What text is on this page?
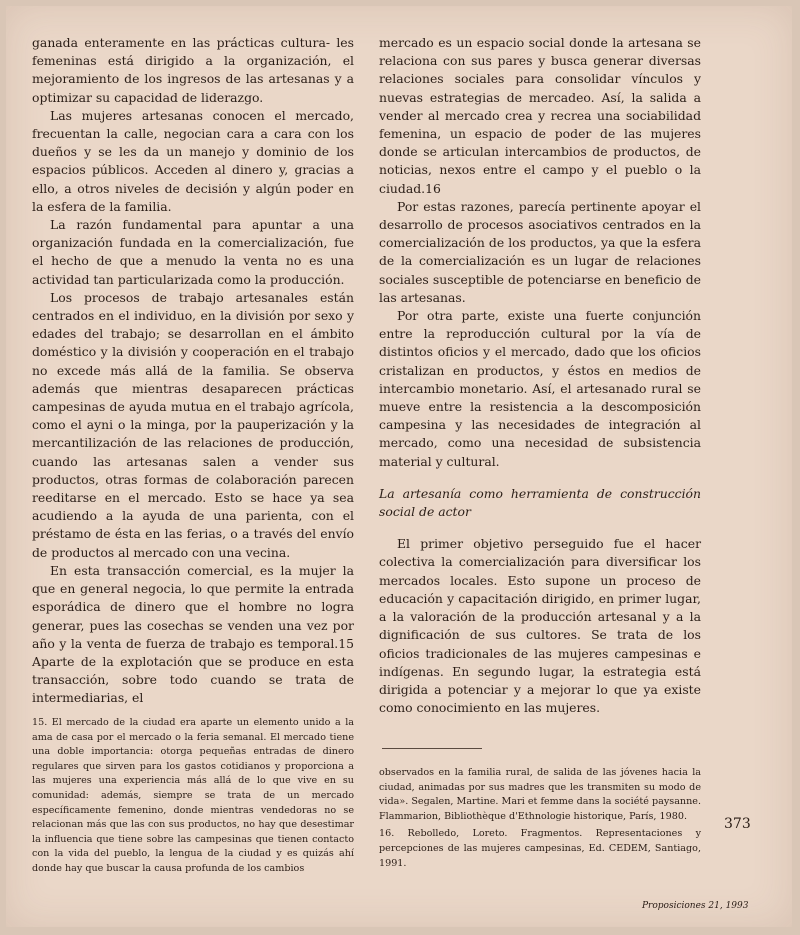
ganada enteramente en las prácticas cultura- les femeninas está dirigido a la organización, el mejoramiento de los ingresos de las artesanas y a optimizar su capacidad de liderazgo.

Las mujeres artesanas conocen el mercado, frecuentan la calle, negocian cara a cara con los dueños y se les da un manejo y dominio de los espacios públicos. Acceden al dinero y, gracias a ello, a otros niveles de decisión y algún poder en la esfera de la familia.

La razón fundamental para apuntar a una organización fundada en la comercialización, fue el hecho de que a menudo la venta no es una actividad tan particularizada como la producción.

Los procesos de trabajo artesanales están centrados en el individuo, en la división por sexo y edades del trabajo; se desarrollan en el ámbito doméstico y la división y cooperación en el trabajo no excede más allá de la familia. Se observa además que mientras desaparecen prácticas campesinas de ayuda mutua en el trabajo agrícola, como el ayni o la minga, por la pauperización y la mercantilización de las relaciones de producción, cuando las artesanas salen a vender sus productos, otras formas de colaboración parecen reeditarse en el mercado. Esto se hace ya sea acudiendo a la ayuda de una parienta, con el préstamo de ésta en las ferias, o a través del envío de productos al mercado con una vecina.

En esta transacción comercial, es la mujer la que en general negocia, lo que permite la entrada esporádica de dinero que el hombre no logra generar, pues las cosechas se venden una vez por año y la venta de fuerza de trabajo es temporal.15 Aparte de la explotación que se produce en esta transacción, sobre todo cuando se trata de intermediarias, el

mercado es un espacio social donde la artesana se relaciona con sus pares y busca generar diversas relaciones sociales para consolidar vínculos y nuevas estrategias de mercadeo. Así, la salida a vender al mercado crea y recrea una sociabilidad femenina, un espacio de poder de las mujeres donde se articulan intercambios de productos, de noticias, nexos entre el campo y el pueblo o la ciudad.16

Por estas razones, parecía pertinente apoyar el desarrollo de procesos asociativos centrados en la comercialización de los productos, ya que la esfera de la comercialización es un lugar de relaciones sociales susceptible de potenciarse en beneficio de las artesanas.

Por otra parte, existe una fuerte conjunción entre la reproducción cultural por la vía de distintos oficios y el mercado, dado que los oficios cristalizan en productos, y éstos en medios de intercambio monetario. Así, el artesanado rural se mueve entre la resistencia a la descomposición campesina y las necesidades de integración al mercado, como una necesidad de subsistencia material y cultural.

La artesanía como herramienta de construcción social de actor

El primer objetivo perseguido fue el hacer colectiva la comercialización para diversificar los mercados locales. Esto supone un proceso de educación y capacitación dirigido, en primer lugar, a la valoración de la producción artesanal y a la dignificación de sus cultores. Se trata de los oficios tradicionales de las mujeres campesinas e indígenas. En segundo lugar, la estrategia está dirigida a potenciar y a mejorar lo que ya existe como conocimiento en las mujeres.

15. El mercado de la ciudad era aparte un elemento unido a la ama de casa por el mercado o la feria semanal. El mercado tiene una doble importancia: otorga pequeñas entradas de dinero regulares que sirven para los gastos cotidianos y proporciona a las mujeres una experiencia más allá de lo que vive en su comunidad: además, siempre se trata de un mercado específicamente femenino, donde mientras vendedoras no se relacionan más que las con sus productos, no hay que desestimar la influencia que tiene sobre las campesinas que tienen contacto con la vida del pueblo, la lengua de la ciudad y es quizás ahí donde hay que buscar la causa profunda de los cambios

observados en la familia rural, de salida de las jóvenes hacia la ciudad, animadas por sus madres que les transmiten su modo de vida». Segalen, Martine. Mari et femme dans la société paysanne. Flammarion, Bibliothèque d'Ethnologie historique, París, 1980.

16. Rebolledo, Loreto. Fragmentos. Representaciones y percepciones de las mujeres campesinas, Ed. CEDEM, Santiago, 1991.

373
Proposiciones 21, 1993
